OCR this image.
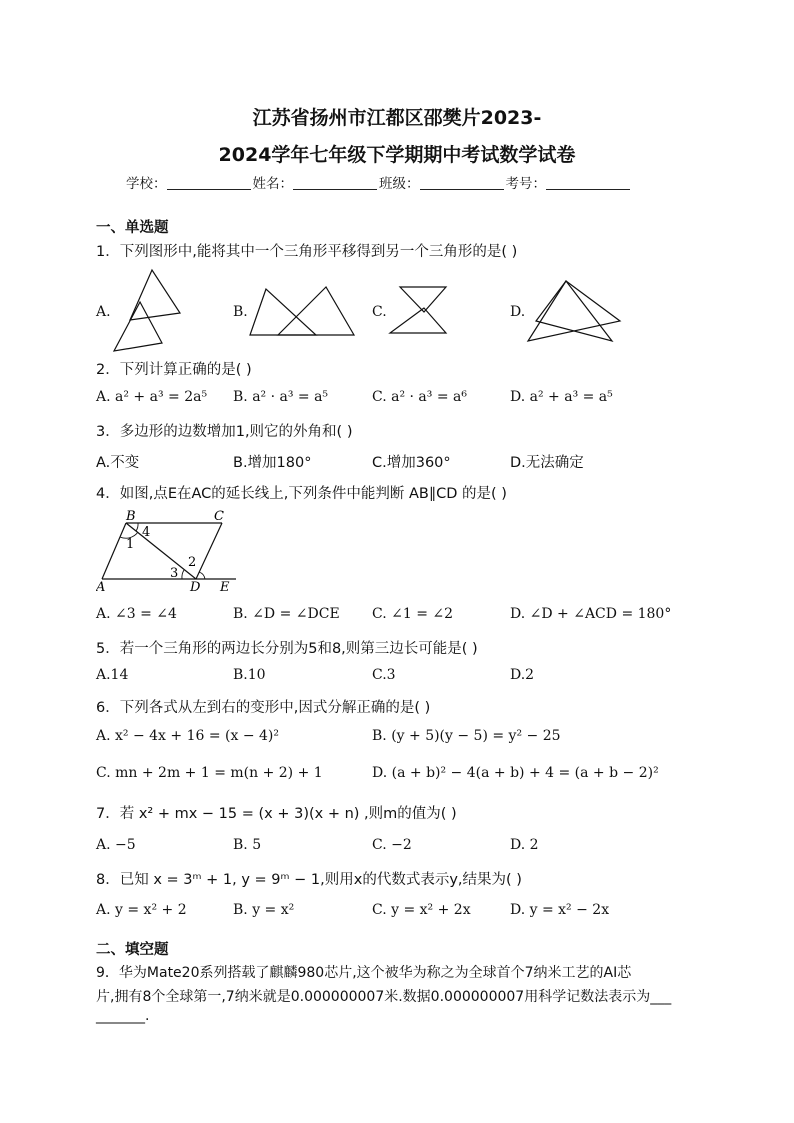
江苏省扬州市江都区邵樊片2023-
2024学年七年级下学期期中考试数学试卷
学校：	姓名：	班级：	考号：
一、单选题
1．下列图形中,能将其中一个三角形平移得到另一个三角形的是( )
A.	B.	C.	D.
2．下列计算正确的是( )
A. a² + a³ = 2a⁵ B. a² · a³ = a⁵	C. a² · a³ = a⁶	D. a² + a³ = a⁵
3．多边形的边数增加1,则它的外角和( )
A.不变	B.增加180°	C.增加360°	D.无法确定
4．如图,点E在AC的延长线上,下列条件中能判断 AB∥CD 的是( )
B	C
A	D E
1
2
3
4
A. ∠3 = ∠4	B. ∠D = ∠DCE C. ∠1 = ∠2	D. ∠D + ∠ACD = 180°
5．若一个三角形的两边长分别为5和8,则第三边长可能是( )
A.14	B.10	C.3	D.2
6．下列各式从左到右的变形中,因式分解正确的是( )
A. x² − 4x + 16 = (x − 4)²	B. (y + 5)(y − 5) = y² − 25
C. mn + 2m + 1 = m(n + 2) + 1	D. (a + b)² − 4(a + b) + 4 = (a + b − 2)²
7．若 x² + mx − 15 = (x + 3)(x + n) ,则m的值为( )
A. −5	B. 5	C. −2	D. 2
8．已知 x = 3ᵐ + 1, y = 9ᵐ − 1,则用x的代数式表示y,结果为( )
A. y = x² + 2	B. y = x²	C. y = x² + 2x	D. y = x² − 2x
二、填空题
9．华为Mate20系列搭载了麒麟980芯片,这个被华为称之为全球首个7纳米工艺的AI芯
片,拥有8个全球第一,7纳米就是0.000000007米.数据0.000000007用科学记数法表示为___
_______.
